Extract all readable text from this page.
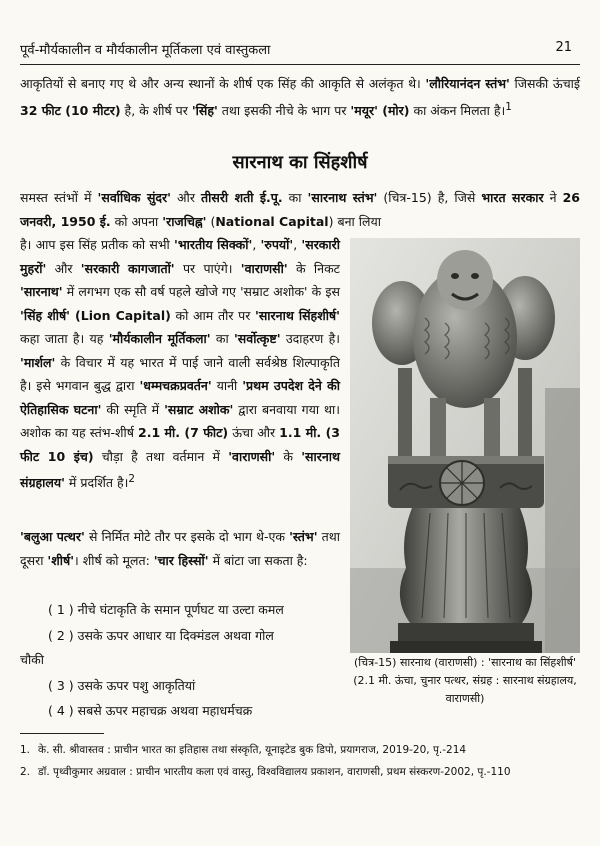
पूर्व-मौर्यकालीन व मौर्यकालीन मूर्तिकला एवं वास्तुकला	21

आकृतियों से बनाए गए थे और अन्य स्थानों के शीर्ष एक सिंह की आकृति से अलंकृत थे। 'लौरियानंदन स्तंभ' जिसकी ऊंचाई 32 फीट (10 मीटर) है, के शीर्ष पर 'सिंह' तथा इसकी नीचे के भाग पर 'मयूर' (मोर) का अंकन मिलता है।$^1$

सारनाथ का सिंहशीर्ष

समस्त स्तंभों में 'सर्वाधिक सुंदर' और तीसरी शती ई.पू. का 'सारनाथ स्तंभ' (चित्र-15) है, जिसे भारत सरकार ने 26 जनवरी, 1950 ई. को अपना 'राजचिह्न' (National Capital) बना लिया

है। आप इस सिंह प्रतीक को सभी 'भारतीय सिक्कों', 'रुपयों', 'सरकारी मुहरों' और 'सरकारी कागजातों' पर पाएंगे। 'वाराणसी' के निकट 'सारनाथ' में लगभग एक सौ वर्ष पहले खोजे गए 'सम्राट अशोक' के इस 'सिंह शीर्ष' (Lion Capital) को आम तौर पर 'सारनाथ सिंहशीर्ष' कहा जाता है। यह 'मौर्यकालीन मूर्तिकला' का 'सर्वोत्कृष्ट' उदाहरण है। 'मार्शल' के विचार में यह भारत में पाई जाने वाली सर्वश्रेष्ठ शिल्पाकृति है। इसे भगवान बुद्ध द्वारा 'धम्मचक्रप्रवर्तन' यानी 'प्रथम उपदेश देने की ऐतिहासिक घटना' की स्मृति में 'सम्राट अशोक' द्वारा बनवाया गया था। अशोक का यह स्तंभ-शीर्ष 2.1 मी. (7 फीट) ऊंचा और 1.1 मी. (3 फीट 10 इंच) चौड़ा है तथा वर्तमान में 'वाराणसी' के 'सारनाथ संग्रहालय' में प्रदर्शित है।$^2$

'बलुआ पत्थर' से निर्मित मोटे तौर पर इसके दो भाग थे-एक 'स्तंभ' तथा दूसरा 'शीर्ष'। शीर्ष को मूलत: 'चार हिस्सों' में बांटा जा सकता है:

( 1 ) नीचे घंटाकृति के समान पूर्णघट या उल्टा कमल
( 2 ) उसके ऊपर आधार या दिक्मंडल अथवा गोल
चौकी
( 3 ) उसके ऊपर पशु आकृतियां
( 4 ) सबसे ऊपर महाचक्र अथवा महाधर्मचक्र
(चित्र-15) सारनाथ (वाराणसी) : 'सारनाथ का सिंहशीर्ष' (2.1 मी. ऊंचा, चुनार पत्थर, संग्रह : सारनाथ संग्रहालय, वाराणसी)
1. के. सी. श्रीवास्तव : प्राचीन भारत का इतिहास तथा संस्कृति, यूनाइटेड बुक डिपो, प्रयागराज, 2019-20, पृ.-214
2. डॉ. पृथ्वीकुमार अग्रवाल : प्राचीन भारतीय कला एवं वास्तु, विश्वविद्यालय प्रकाशन, वाराणसी, प्रथम संस्करण-2002, पृ.-110
